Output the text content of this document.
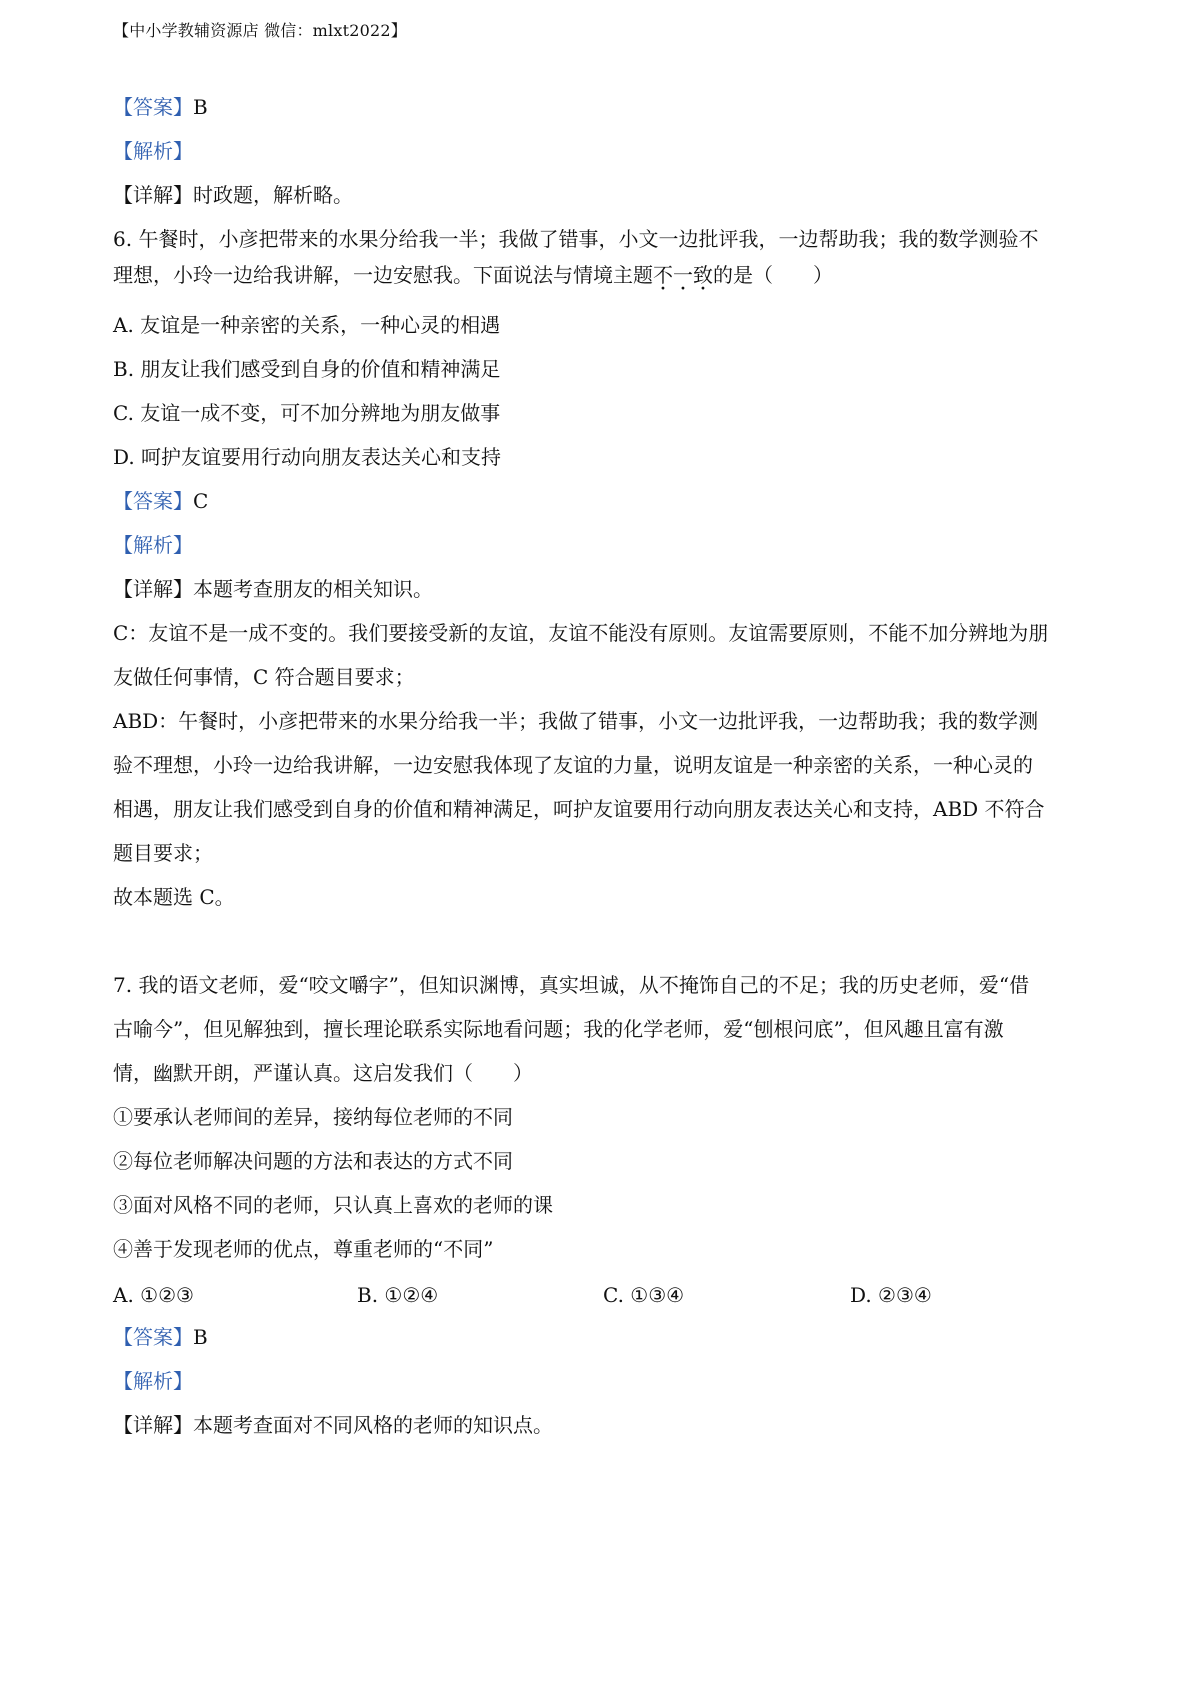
【中小学教辅资源店 微信：mlxt2022】
【答案】B
【解析】
【详解】时政题，解析略。
6. 午餐时，小彦把带来的水果分给我一半；我做了错事，小文一边批评我，一边帮助我；我的数学测验不
理想，小玲一边给我讲解，一边安慰我。下面说法与情境主题不一致的是（　　）
A. 友谊是一种亲密的关系，一种心灵的相遇
B. 朋友让我们感受到自身的价值和精神满足
C. 友谊一成不变，可不加分辨地为朋友做事
D. 呵护友谊要用行动向朋友表达关心和支持
【答案】C
【解析】
【详解】本题考查朋友的相关知识。
C：友谊不是一成不变的。我们要接受新的友谊，友谊不能没有原则。友谊需要原则，不能不加分辨地为朋
友做任何事情，C 符合题目要求；
ABD：午餐时，小彦把带来的水果分给我一半；我做了错事，小文一边批评我，一边帮助我；我的数学测
验不理想，小玲一边给我讲解，一边安慰我体现了友谊的力量，说明友谊是一种亲密的关系，一种心灵的
相遇，朋友让我们感受到自身的价值和精神满足，呵护友谊要用行动向朋友表达关心和支持，ABD 不符合
题目要求；
故本题选 C。
7. 我的语文老师，爱“咬文嚼字”，但知识渊博，真实坦诚，从不掩饰自己的不足；我的历史老师，爱“借
古喻今”，但见解独到，擅长理论联系实际地看问题；我的化学老师，爱“刨根问底”，但风趣且富有激
情，幽默开朗，严谨认真。这启发我们（　　）
①要承认老师间的差异，接纳每位老师的不同
②每位老师解决问题的方法和表达的方式不同
③面对风格不同的老师，只认真上喜欢的老师的课
④善于发现老师的优点，尊重老师的“不同”
A. ①②③	B. ①②④	C. ①③④	D. ②③④
【答案】B
【解析】
【详解】本题考查面对不同风格的老师的知识点。
